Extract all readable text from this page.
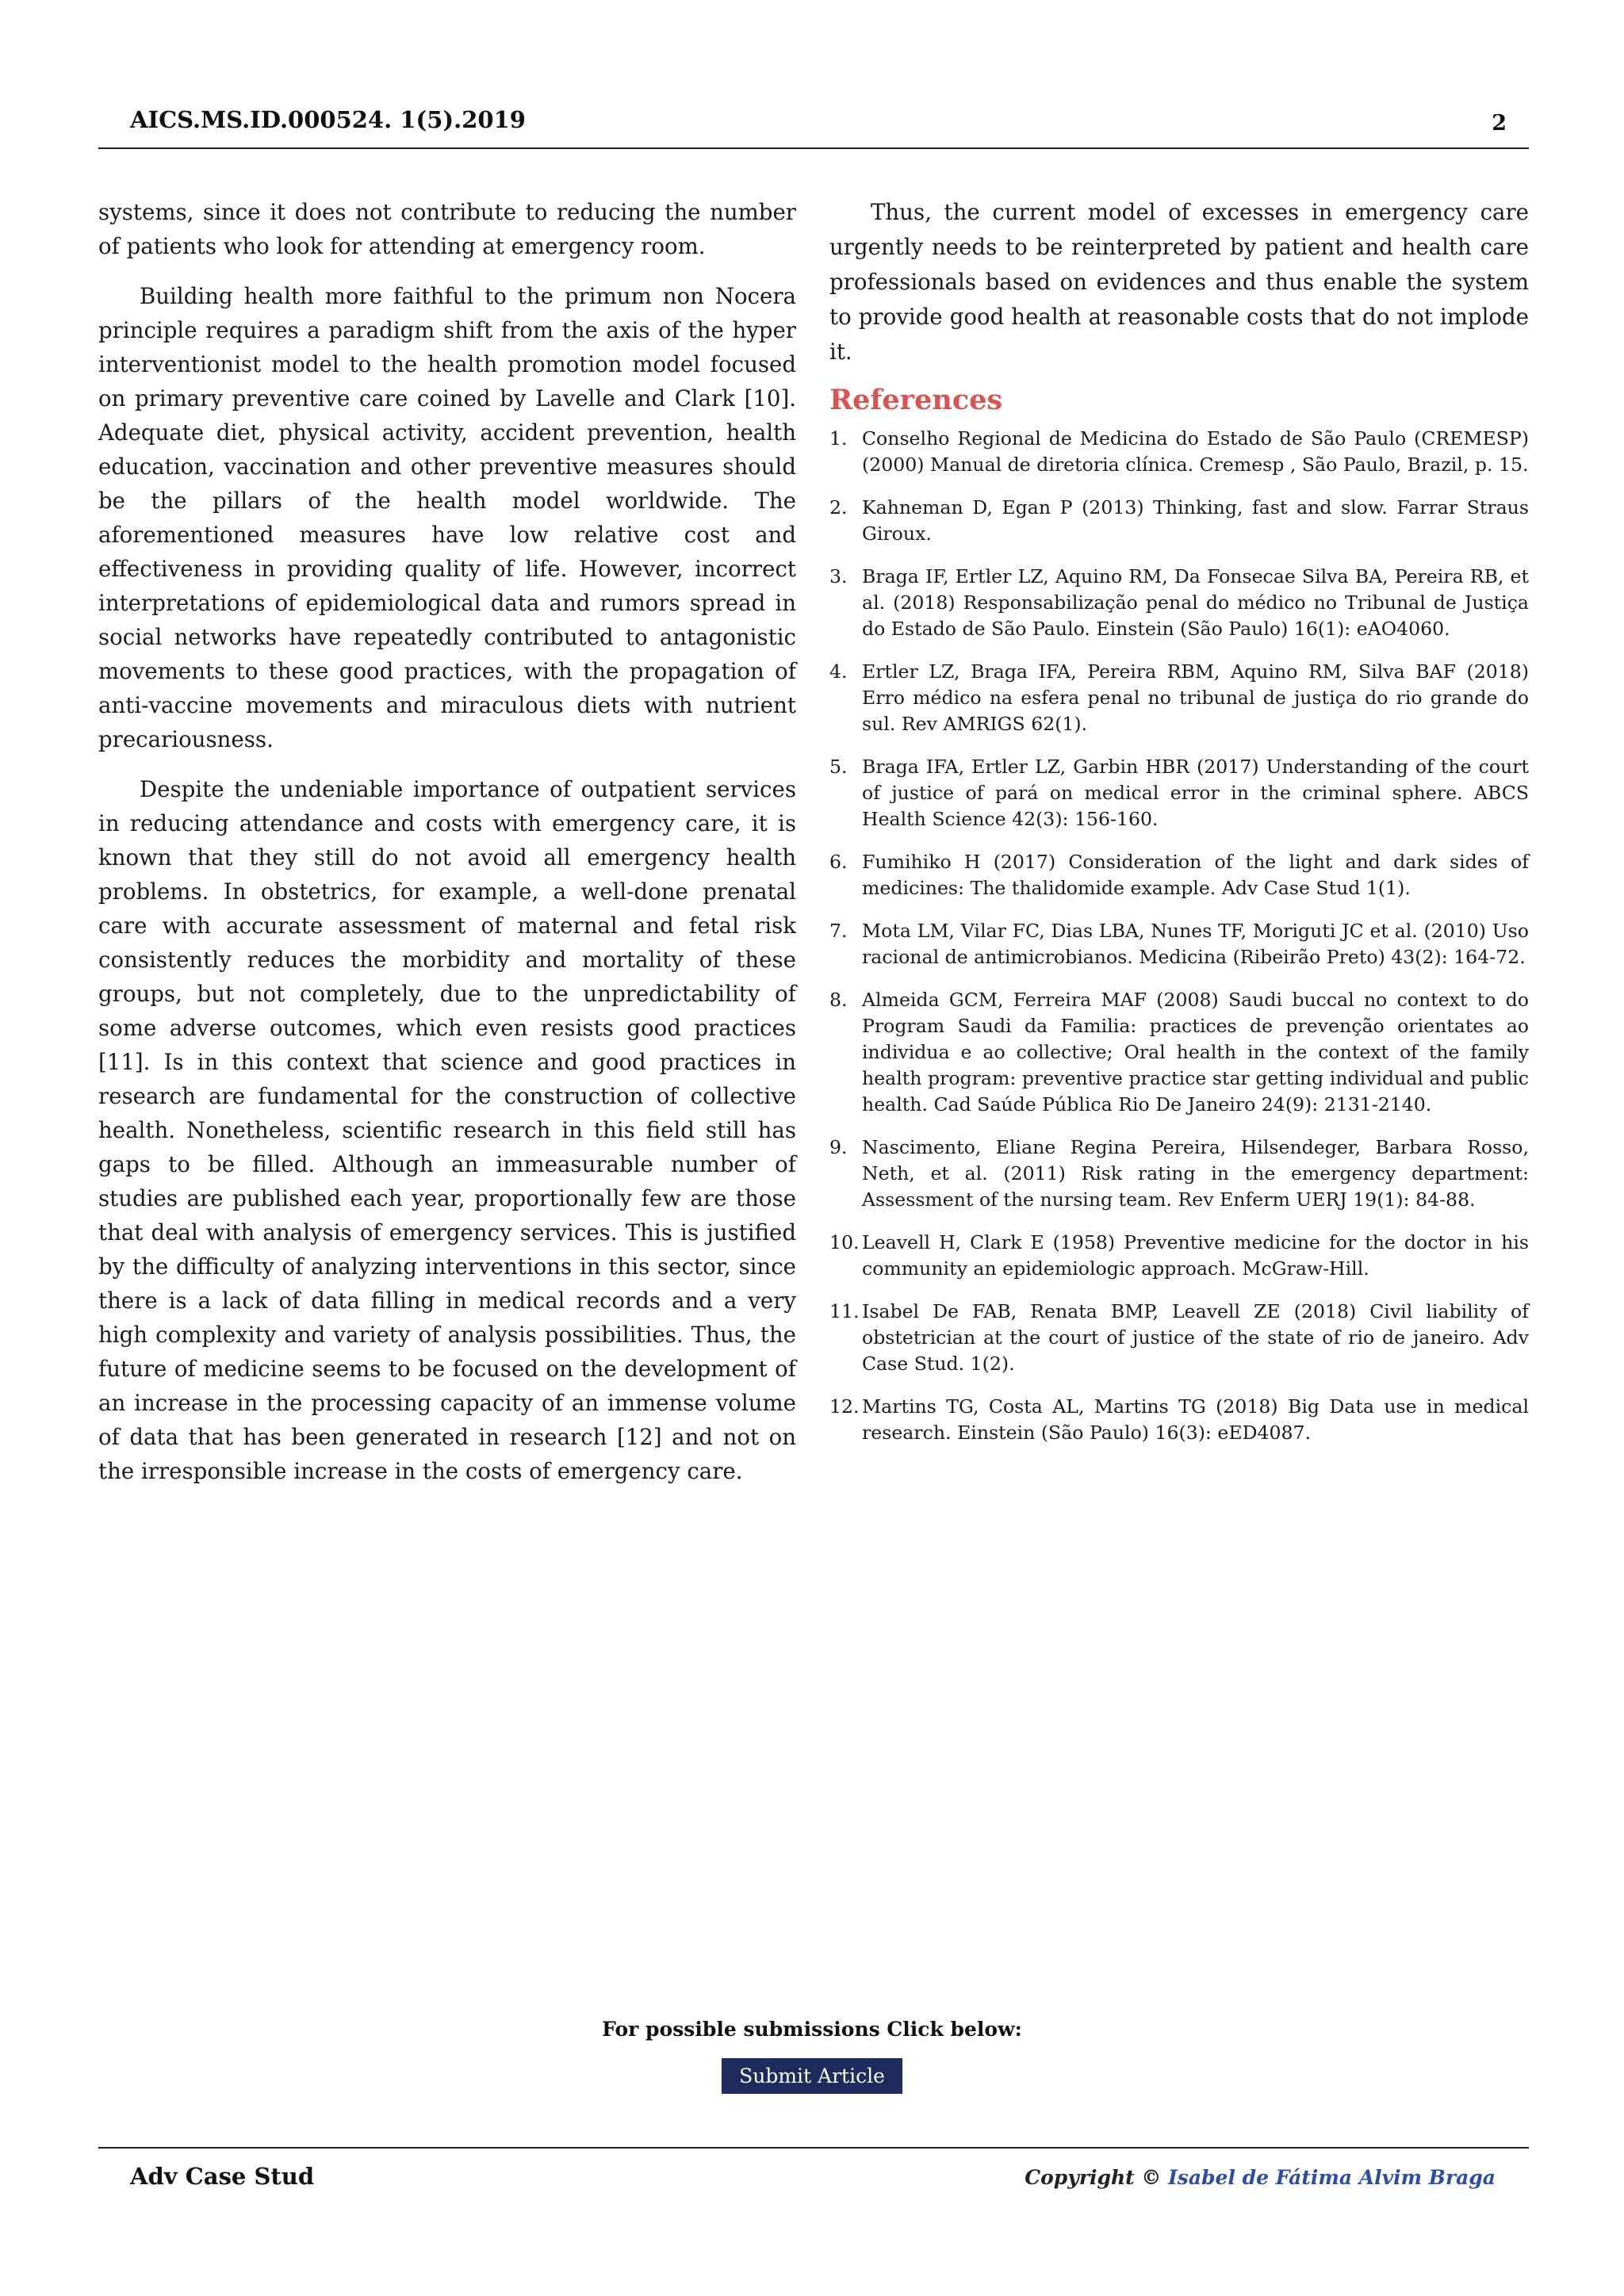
AICS.MS.ID.000524. 1(5).2019	2

systems, since it does not contribute to reducing the number of patients who look for attending at emergency room.

Building health more faithful to the primum non Nocera principle requires a paradigm shift from the axis of the hyper interventionist model to the health promotion model focused on primary preventive care coined by Lavelle and Clark [10]. Adequate diet, physical activity, accident prevention, health education, vaccination and other preventive measures should be the pillars of the health model worldwide. The aforementioned measures have low relative cost and effectiveness in providing quality of life. However, incorrect interpretations of epidemiological data and rumors spread in social networks have repeatedly contributed to antagonistic movements to these good practices, with the propagation of anti-vaccine movements and miraculous diets with nutrient precariousness.

Despite the undeniable importance of outpatient services in reducing attendance and costs with emergency care, it is known that they still do not avoid all emergency health problems. In obstetrics, for example, a well-done prenatal care with accurate assessment of maternal and fetal risk consistently reduces the morbidity and mortality of these groups, but not completely, due to the unpredictability of some adverse outcomes, which even resists good practices [11]. Is in this context that science and good practices in research are fundamental for the construction of collective health. Nonetheless, scientific research in this field still has gaps to be filled. Although an immeasurable number of studies are published each year, proportionally few are those that deal with analysis of emergency services. This is justified by the difficulty of analyzing interventions in this sector, since there is a lack of data filling in medical records and a very high complexity and variety of analysis possibilities. Thus, the future of medicine seems to be focused on the development of an increase in the processing capacity of an immense volume of data that has been generated in research [12] and not on the irresponsible increase in the costs of emergency care.

Thus, the current model of excesses in emergency care urgently needs to be reinterpreted by patient and health care professionals based on evidences and thus enable the system to provide good health at reasonable costs that do not implode it.

References
1. Conselho Regional de Medicina do Estado de São Paulo (CREMESP) (2000) Manual de diretoria clínica. Cremesp , São Paulo, Brazil, p. 15.
2. Kahneman D, Egan P (2013) Thinking, fast and slow. Farrar Straus Giroux.
3. Braga IF, Ertler LZ, Aquino RM, Da Fonsecae Silva BA, Pereira RB, et al. (2018) Responsabilização penal do médico no Tribunal de Justiça do Estado de São Paulo. Einstein (São Paulo) 16(1): eAO4060.
4. Ertler LZ, Braga IFA, Pereira RBM, Aquino RM, Silva BAF (2018) Erro médico na esfera penal no tribunal de justiça do rio grande do sul. Rev AMRIGS 62(1).
5. Braga IFA, Ertler LZ, Garbin HBR (2017) Understanding of the court of justice of pará on medical error in the criminal sphere. ABCS Health Science 42(3): 156-160.
6. Fumihiko H (2017) Consideration of the light and dark sides of medicines: The thalidomide example. Adv Case Stud 1(1).
7. Mota LM, Vilar FC, Dias LBA, Nunes TF, Moriguti JC et al. (2010) Uso racional de antimicrobianos. Medicina (Ribeirão Preto) 43(2): 164-72.
8. Almeida GCM, Ferreira MAF (2008) Saudi buccal no context to do Program Saudi da Familia: practices de prevenção orientates ao individua e ao collective; Oral health in the context of the family health program: preventive practice star getting individual and public health. Cad Saúde Pública Rio De Janeiro 24(9): 2131-2140.
9. Nascimento, Eliane Regina Pereira, Hilsendeger, Barbara Rosso, Neth, et al. (2011) Risk rating in the emergency department: Assessment of the nursing team. Rev Enferm UERJ 19(1): 84-88.
10. Leavell H, Clark E (1958) Preventive medicine for the doctor in his community an epidemiologic approach. McGraw-Hill.
11. Isabel De FAB, Renata BMP, Leavell ZE (2018) Civil liability of obstetrician at the court of justice of the state of rio de janeiro. Adv Case Stud. 1(2).
12. Martins TG, Costa AL, Martins TG (2018) Big Data use in medical research. Einstein (São Paulo) 16(3): eED4087.
For possible submissions Click below:
Submit Article
Adv Case Stud	Copyright © Isabel de Fátima Alvim Braga
